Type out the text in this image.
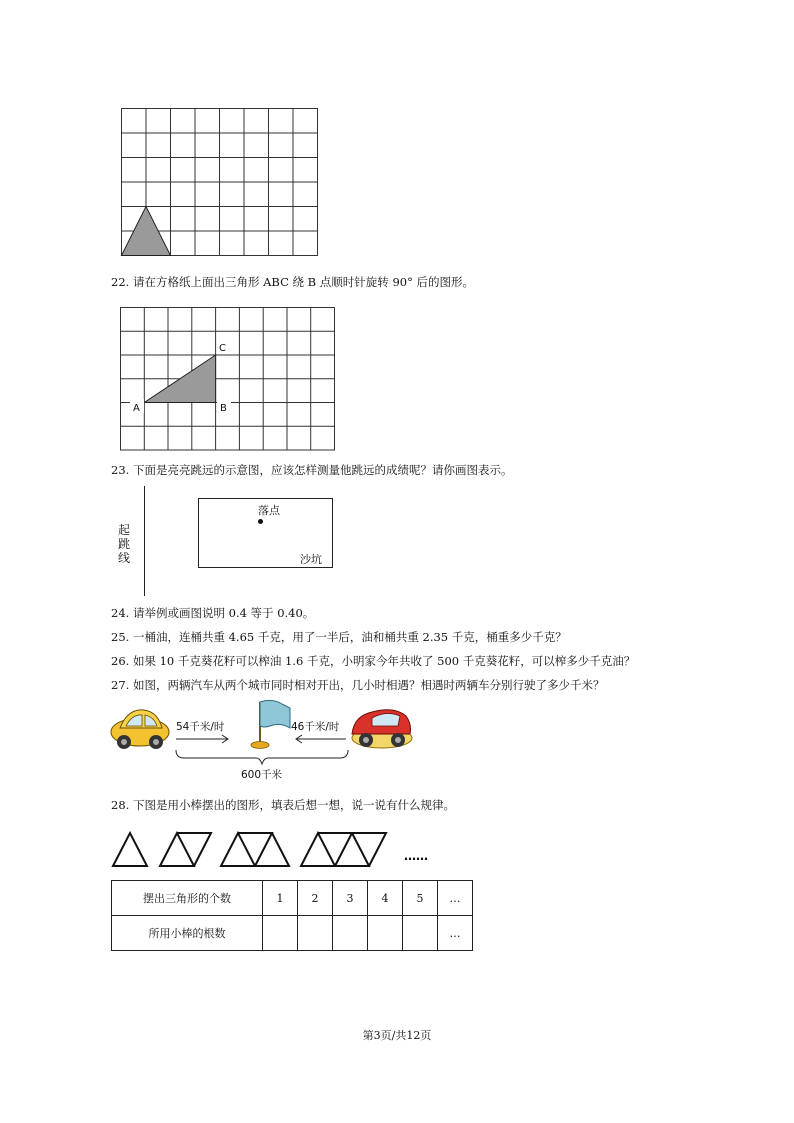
22. 请在方格纸上面出三角形 ABC 绕 B 点顺时针旋转 90° 后的图形。
A	B
C
23. 下面是亮亮跳远的示意图，应该怎样测量他跳远的成绩呢？请你画图表示。
起跳线
落点
沙坑
24. 请举例或画图说明 0.4 等于 0.40。
25. 一桶油，连桶共重 4.65 千克，用了一半后，油和桶共重 2.35 千克，桶重多少千克？
26. 如果 10 千克葵花籽可以榨油 1.6 千克，小明家今年共收了 500 千克葵花籽，可以榨多少千克油？
27. 如图，两辆汽车从两个城市同时相对开出，几小时相遇？相遇时两辆车分别行驶了多少千米？
54千米/时	46千米/时
600千米
28. 下图是用小棒摆出的图形，填表后想一想，说一说有什么规律。
……
摆出三角形的个数	1	2	3	4	5	…
所用小棒的根数						…
第3页/共12页
